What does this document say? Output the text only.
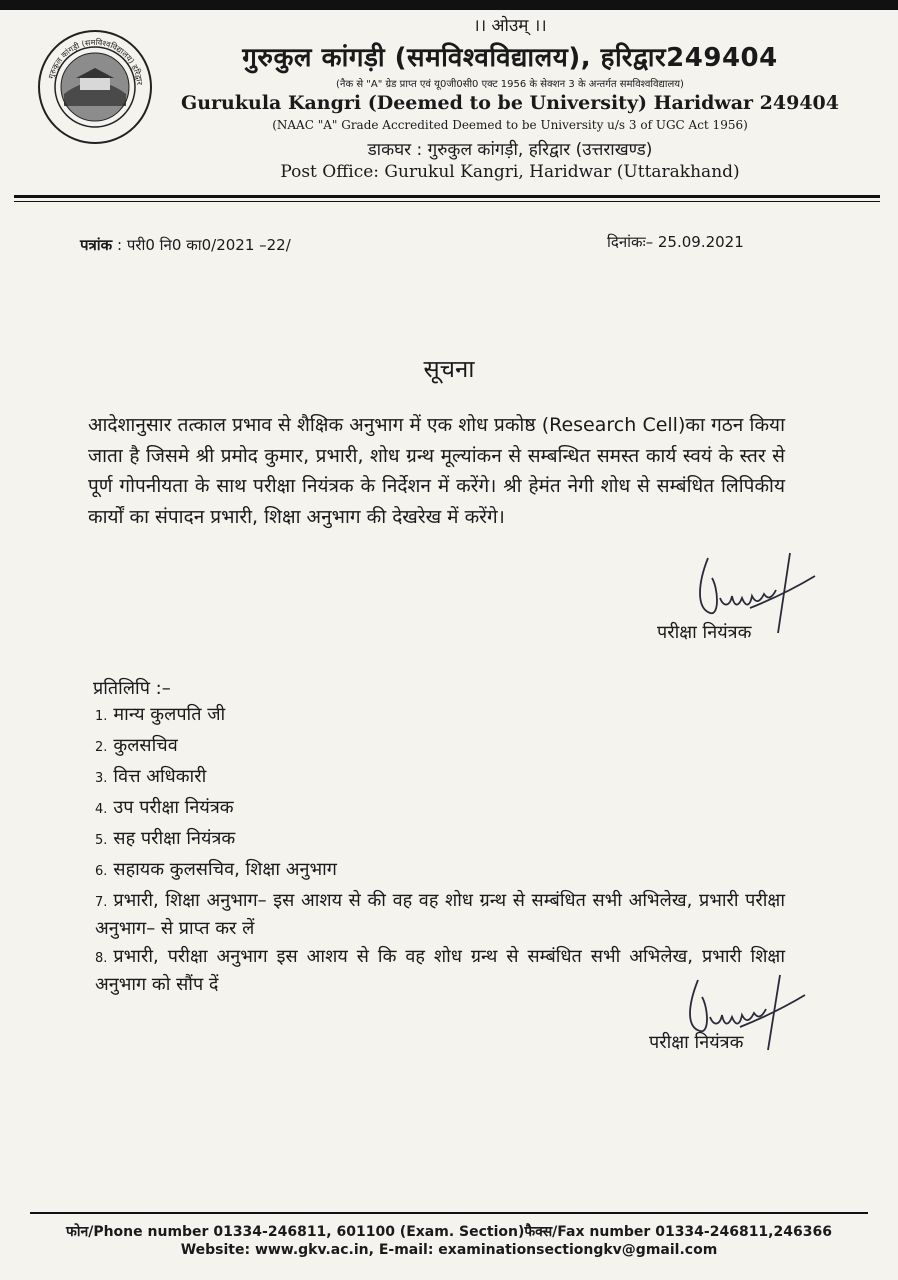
गुरुकुल कांगड़ी (समविश्वविद्यालय) हरिद्वार
।। ओउम् ।।
गुरुकुल कांगड़ी (समविश्वविद्यालय), हरिद्वार249404
(नैक से "A" ग्रेड प्राप्त एवं यू0जी0सी0 एक्ट 1956 के सेक्शन 3 के अन्तर्गत समविश्वविद्यालय)
Gurukula Kangri (Deemed to be University) Haridwar 249404
(NAAC "A" Grade Accredited Deemed to be University u/s 3 of UGC Act 1956)
डाकघर : गुरुकुल कांगड़ी, हरिद्वार (उत्तराखण्ड)
Post Office: Gurukul Kangri, Haridwar (Uttarakhand)
पत्रांक : परी0 नि0 का0/2021 –22/	दिनांकः– 25.09.2021
सूचना
आदेशानुसार तत्काल प्रभाव से शैक्षिक अनुभाग में एक शोध प्रकोष्ठ (Research Cell)का गठन किया जाता है जिसमे श्री प्रमोद कुमार, प्रभारी, शोध ग्रन्थ मूल्यांकन से सम्बन्धित समस्त कार्य स्वयं के स्तर से पूर्ण गोपनीयता के साथ परीक्षा नियंत्रक के निर्देशन में करेंगे। श्री हेमंत नेगी शोध से सम्बंधित लिपिकीय कार्यों का संपादन प्रभारी, शिक्षा अनुभाग की देखरेख में करेंगे।
परीक्षा नियंत्रक
प्रतिलिपि :–
1. मान्य कुलपति जी
2. कुलसचिव
3. वित्त अधिकारी
4. उप परीक्षा नियंत्रक
5. सह परीक्षा नियंत्रक
6. सहायक कुलसचिव, शिक्षा अनुभाग
7. प्रभारी, शिक्षा अनुभाग– इस आशय से की वह वह शोध ग्रन्थ से सम्बंधित सभी अभिलेख, प्रभारी परीक्षा अनुभाग– से प्राप्त कर लें
8. प्रभारी, परीक्षा अनुभाग इस आशय से कि वह शोध ग्रन्थ से सम्बंधित सभी अभिलेख, प्रभारी शिक्षा अनुभाग को सौंप दें
परीक्षा नियंत्रक
फोन/Phone number 01334-246811, 601100 (Exam. Section)फैक्स/Fax number 01334-246811,246366
Website: www.gkv.ac.in, E-mail: examinationsectiongkv@gmail.com
